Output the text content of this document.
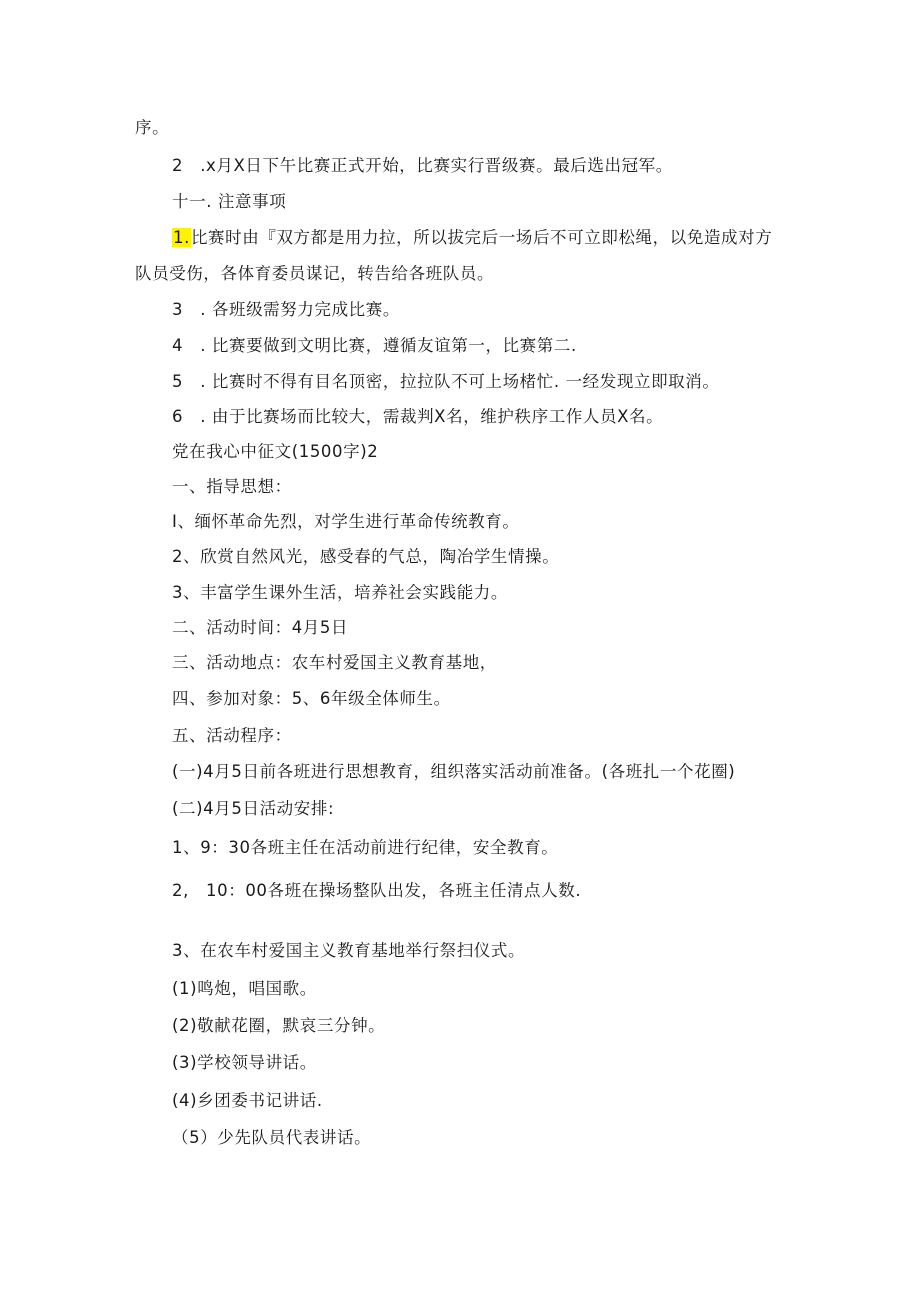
序。
2　.x月X日下午比赛正式开始，比赛实行晋级赛。最后选出冠军。
十一. 注意事项
1.比赛时由『双方都是用力拉，所以拔完后一场后不可立即松绳，以免造成对方
队员受伤，各体育委员谋记，转告给各班队员。
3　. 各班级需努力完成比赛。
4　. 比赛要做到文明比赛，遵循友谊第一，比赛第二.
5　. 比赛时不得有目名顶密，拉拉队不可上场楮忙. 一经发现立即取消。
6　. 由于比赛场而比较大，需裁判X名，维护秩序工作人员X名。
党在我心中征文(1500字)2
一、指导思想：
I、缅怀革命先烈，对学生进行革命传统教育。
2、欣赏自然风光，感受春的气总，陶冶学生情操。
3、丰富学生课外生活，培养社会实践能力。
二、活动时间：4月5日
三、活动地点：农车村爱国主义教育基地，
四、参加对象：5、6年级全体师生。
五、活动程序：
(一)4月5日前各班进行思想教育，组织落实活动前准备。(各班扎一个花圈)
(二)4月5日活动安排:
1、9：30各班主任在活动前进行纪律，安全教育。
2,　10：00各班在操场整队出发，各班主任清点人数.
3、在农车村爱国主义教育基地举行祭扫仪式。
(1)鸣炮，唱国歌。
(2)敬献花圈，默哀三分钟。
(3)学校领导讲话。
(4)乡团委书记讲话.
（5）少先队员代表讲话。
